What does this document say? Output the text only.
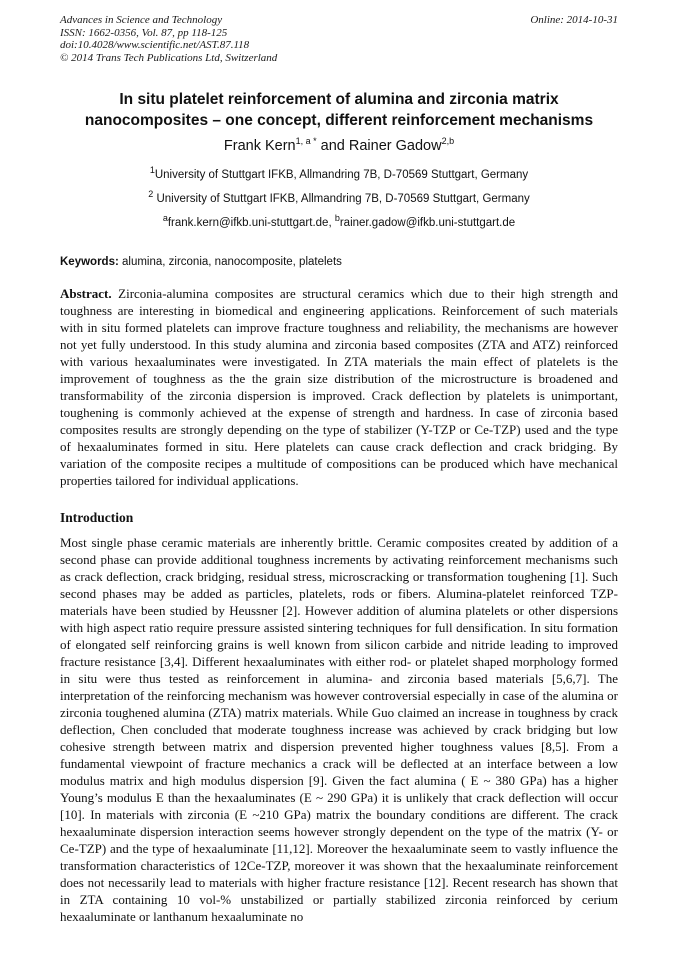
Advances in Science and Technology
ISSN: 1662-0356, Vol. 87, pp 118-125
doi:10.4028/www.scientific.net/AST.87.118
© 2014 Trans Tech Publications Ltd, Switzerland
Online: 2014-10-31
In situ platelet reinforcement of alumina and zirconia matrix
nanocomposites – one concept, different reinforcement mechanisms
Frank Kern$^{1, a *}$ and Rainer Gadow$^{2,b}$
$^1$University of Stuttgart IFKB, Allmandring 7B, D-70569 Stuttgart, Germany
$^2$ University of Stuttgart IFKB, Allmandring 7B, D-70569 Stuttgart, Germany
$^a$frank.kern@ifkb.uni-stuttgart.de, $^b$rainer.gadow@ifkb.uni-stuttgart.de
Keywords: alumina, zirconia, nanocomposite, platelets

Abstract. Zirconia-alumina composites are structural ceramics which due to their high strength and toughness are interesting in biomedical and engineering applications. Reinforcement of such materials with in situ formed platelets can improve fracture toughness and reliability, the mechanisms are however not yet fully understood. In this study alumina and zirconia based composites (ZTA and ATZ) reinforced with various hexaaluminates were investigated. In ZTA materials the main effect of platelets is the improvement of toughness as the the grain size distribution of the microstructure is broadened and transformability of the zirconia dispersion is improved. Crack deflection by platelets is unimportant, toughening is commonly achieved at the expense of strength and hardness. In case of zirconia based composites results are strongly depending on the type of stabilizer (Y-TZP or Ce-TZP) used and the type of hexaaluminates formed in situ. Here platelets can cause crack deflection and crack bridging. By variation of the composite recipes a multitude of compositions can be produced which have mechanical properties tailored for individual applications.

Introduction

Most single phase ceramic materials are inherently brittle. Ceramic composites created by addition of a second phase can provide additional toughness increments by activating reinforcement mechanisms such as crack deflection, crack bridging, residual stress, microscracking or transformation toughening [1]. Such second phases may be added as particles, platelets, rods or fibers. Alumina-platelet reinforced TZP-materials have been studied by Heussner [2]. However addition of alumina platelets or other dispersions with high aspect ratio require pressure assisted sintering techniques for full densification. In situ formation of elongated self reinforcing grains is well known from silicon carbide and nitride leading to improved fracture resistance [3,4]. Different hexaaluminates with either rod- or platelet shaped morphology formed in situ were thus tested as reinforcement in alumina- and zirconia based materials [5,6,7]. The interpretation of the reinforcing mechanism was however controversial especially in case of the alumina or zirconia toughened alumina (ZTA) matrix materials. While Guo claimed an increase in toughness by crack deflection, Chen concluded that moderate toughness increase was achieved by crack bridging but low cohesive strength between matrix and dispersion prevented higher toughness values [8,5]. From a fundamental viewpoint of fracture mechanics a crack will be deflected at an interface between a low modulus matrix and high modulus dispersion [9]. Given the fact alumina ( E ~ 380 GPa) has a higher Young’s modulus E than the hexaaluminates (E ~ 290 GPa) it is unlikely that crack deflection will occur [10]. In materials with zirconia (E ~210 GPa) matrix the boundary conditions are different. The crack hexaaluminate dispersion interaction seems however strongly dependent on the type of the matrix (Y- or Ce-TZP) and the type of hexaaluminate [11,12]. Moreover the hexaaluminate seem to vastly influence the transformation characteristics of 12Ce-TZP, moreover it was shown that the hexaaluminate reinforcement does not necessarily lead to materials with higher fracture resistance [12]. Recent research has shown that in ZTA containing 10 vol-% unstabilized or partially stabilized zirconia reinforced by cerium hexaaluminate or lanthanum hexaaluminate no
